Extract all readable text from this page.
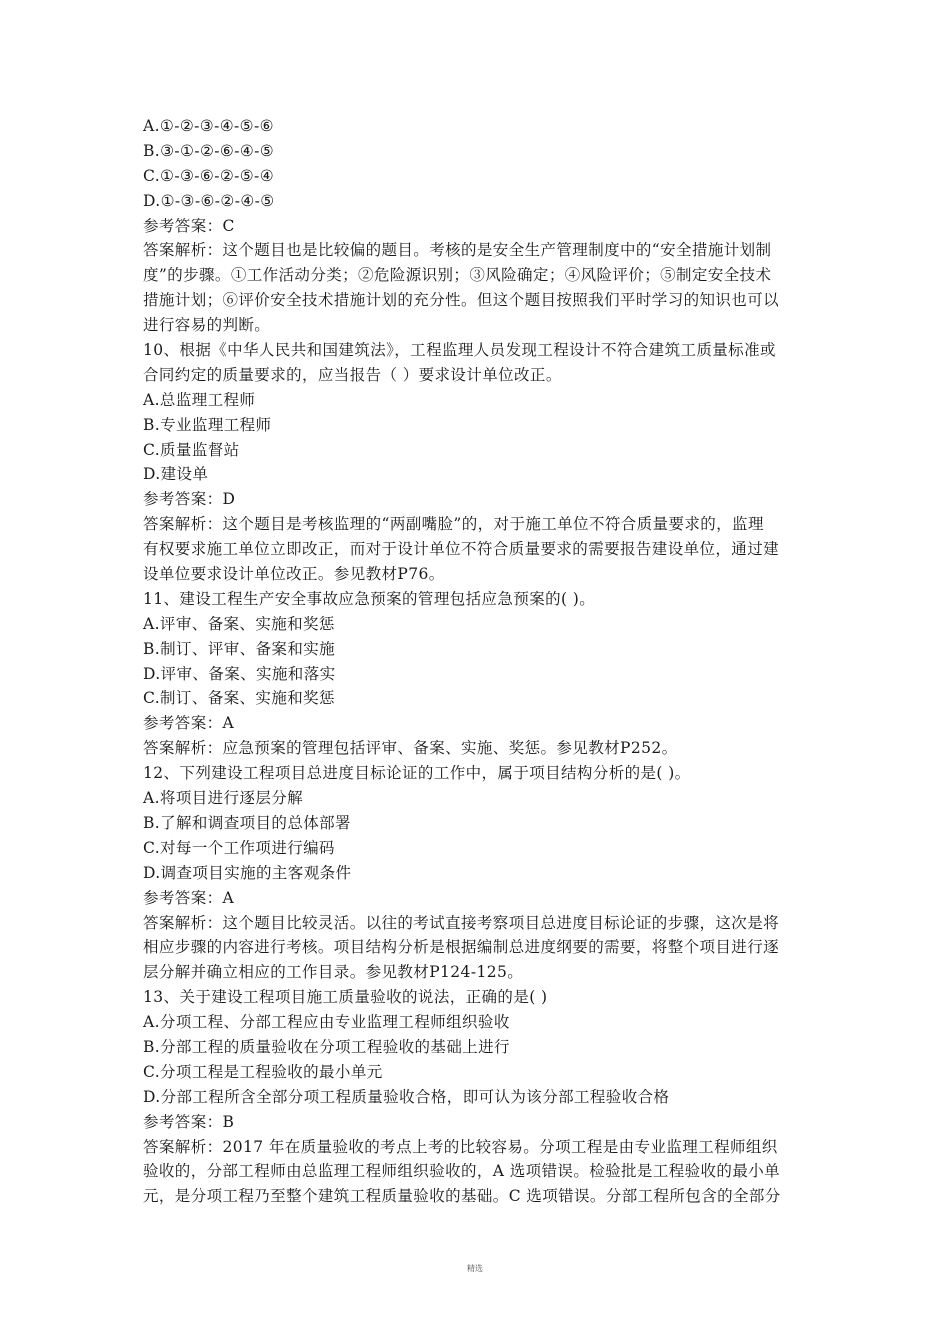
A.①-②-③-④-⑤-⑥
B.③-①-②-⑥-④-⑤
C.①-③-⑥-②-⑤-④
D.①-③-⑥-②-④-⑤
参考答案：C
答案解析：这个题目也是比较偏的题目。考核的是安全生产管理制度中的“安全措施计划制
度”的步骤。①工作活动分类；②危险源识别；③风险确定；④风险评价；⑤制定安全技术
措施计划；⑥评价安全技术措施计划的充分性。但这个题目按照我们平时学习的知识也可以
进行容易的判断。
10、根据《中华人民共和国建筑法》，工程监理人员发现工程设计不符合建筑工质量标准或
合同约定的质量要求的，应当报告（ ）要求设计单位改正。
A.总监理工程师
B.专业监理工程师
C.质量监督站
D.建设单
参考答案：D
答案解析：这个题目是考核监理的“两副嘴脸”的，对于施工单位不符合质量要求的，监理
有权要求施工单位立即改正，而对于设计单位不符合质量要求的需要报告建设单位，通过建
设单位要求设计单位改正。参见教材P76。
11、建设工程生产安全事故应急预案的管理包括应急预案的( )。
A.评审、备案、实施和奖惩
B.制订、评审、备案和实施
D.评审、备案、实施和落实
C.制订、备案、实施和奖惩
参考答案：A
答案解析：应急预案的管理包括评审、备案、实施、奖惩。参见教材P252。
12、下列建设工程项目总进度目标论证的工作中，属于项目结构分析的是( )。
A.将项目进行逐层分解
B.了解和调查项目的总体部署
C.对每一个工作项进行编码
D.调查项目实施的主客观条件
参考答案：A
答案解析：这个题目比较灵活。以往的考试直接考察项目总进度目标论证的步骤，这次是将
相应步骤的内容进行考核。项目结构分析是根据编制总进度纲要的需要，将整个项目进行逐
层分解并确立相应的工作目录。参见教材P124-125。
13、关于建设工程项目施工质量验收的说法，正确的是( )
A.分项工程、分部工程应由专业监理工程师组织验收
B.分部工程的质量验收在分项工程验收的基础上进行
C.分项工程是工程验收的最小单元
D.分部工程所含全部分项工程质量验收合格，即可认为该分部工程验收合格
参考答案：B
答案解析：2017 年在质量验收的考点上考的比较容易。分项工程是由专业监理工程师组织
验收的，分部工程师由总监理工程师组织验收的，A 选项错误。检验批是工程验收的最小单
元，是分项工程乃至整个建筑工程质量验收的基础。C 选项错误。分部工程所包含的全部分
精选
